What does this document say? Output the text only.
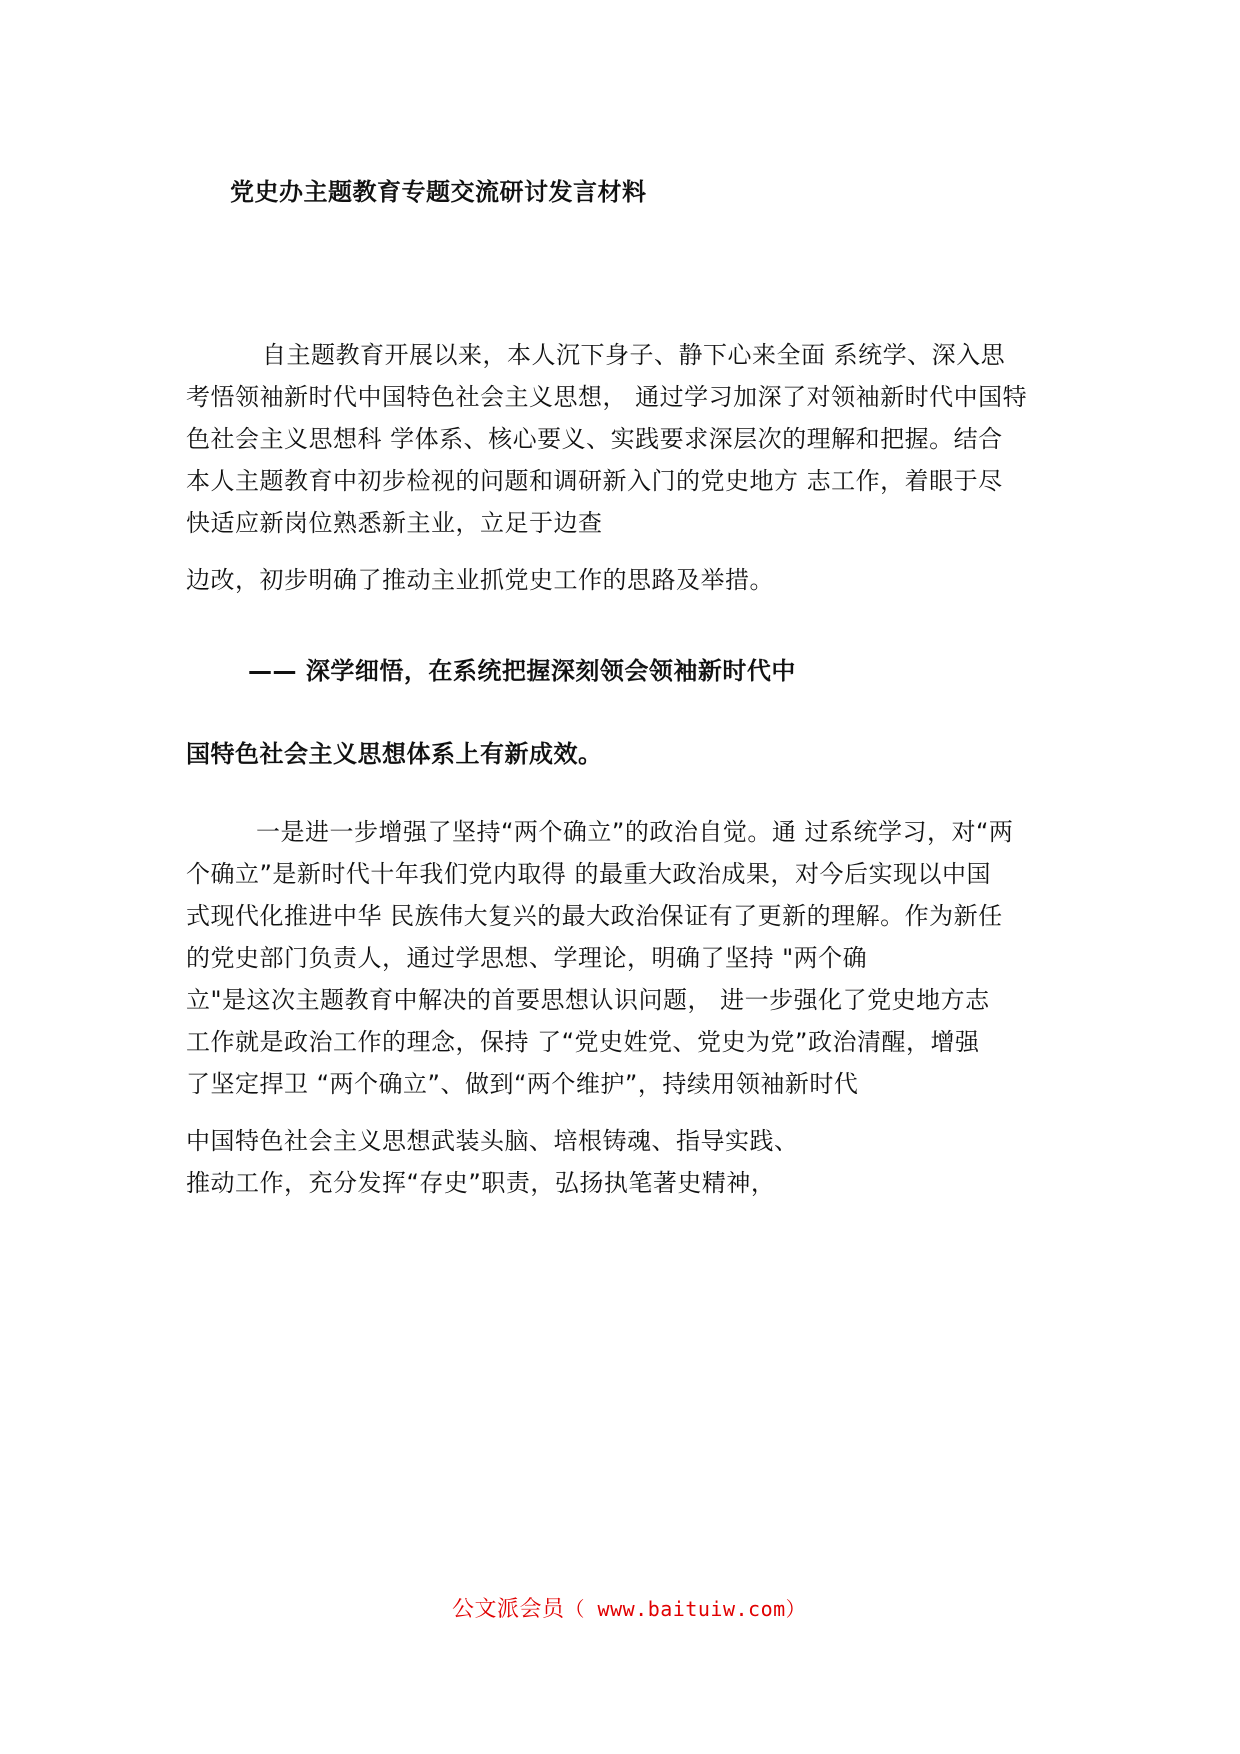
党史办主题教育专题交流研讨发言材料
自主题教育开展以来，本人沉下身子、静下心来全面 系统学、深入思
考悟领袖新时代中国特色社会主义思想， 通过学习加深了对领袖新时代中国特
色社会主义思想科 学体系、核心要义、实践要求深层次的理解和把握。结合
本人主题教育中初步检视的问题和调研新入门的党史地方 志工作，着眼于尽
快适应新岗位熟悉新主业，立足于边查
边改，初步明确了推动主业抓党史工作的思路及举措。
—— 深学细悟，在系统把握深刻领会领袖新时代中
国特色社会主义思想体系上有新成效。
一是进一步增强了坚持“两个确立”的政治自觉。通 过系统学习，对“两
个确立”是新时代十年我们党内取得 的最重大政治成果，对今后实现以中国
式现代化推进中华 民族伟大复兴的最大政治保证有了更新的理解。作为新任
的党史部门负责人，通过学思想、学理论，明确了坚持 "两个确
立"是这次主题教育中解决的首要思想认识问题， 进一步强化了党史地方志
工作就是政治工作的理念，保持 了“党史姓党、党史为党”政治清醒，增强
了坚定捍卫 “两个确立”、做到“两个维护”，持续用领袖新时代
中国特色社会主义思想武装头脑、培根铸魂、指导实践、
推动工作，充分发挥“存史”职责，弘扬执笔著史精神，
公文派会员（ www.baituiw.com）
